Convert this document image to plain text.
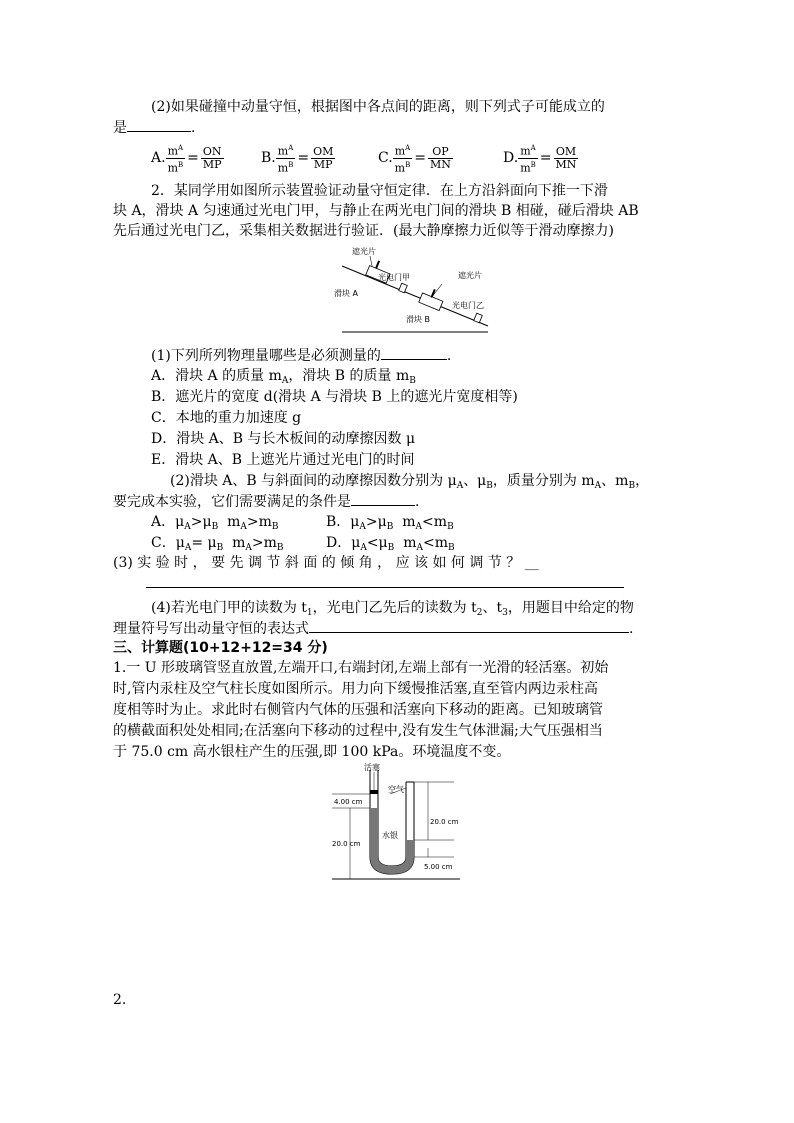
(2)如果碰撞中动量守恒，根据图中各点间的距离，则下列式子可能成立的
是	.
A. $\frac{m^A}{m^B} = \frac{ON}{MP}$	B. $\frac{m^A}{m^B} = \frac{OM}{MP}$	C. $\frac{m^A}{m^B} = \frac{OP}{MN}$	D. $\frac{m^A}{m^B} = \frac{OM}{MN}$
2．某同学用如图所示装置验证动量守恒定律．在上方沿斜面向下推一下滑
块 A，滑块 A 匀速通过光电门甲，与静止在两光电门间的滑块 B 相碰，碰后滑块 AB
先后通过光电门乙，采集相关数据进行验证．(最大静摩擦力近似等于滑动摩擦力)
遮光片
光电门甲	遮光片
滑块 A
光电门乙
滑块 B
(1)下列所列物理量哪些是必须测量的	.
A．滑块 A 的质量 $m_A$，滑块 B 的质量 $m_B$
B．遮光片的宽度 d(滑块 A 与滑块 B 上的遮光片宽度相等)
C．本地的重力加速度 g
D．滑块 A、B 与长木板间的动摩擦因数 μ
E．滑块 A、B 上遮光片通过光电门的时间
(2)滑块 A、B 与斜面间的动摩擦因数分别为 $\mu_A$、$\mu_B$，质量分别为 $m_A$、$m_B$，
要完成本实验，它们需要满足的条件是	.
A．$\mu_A>\mu_B$  $m_A>m_B$	B．$\mu_A>\mu_B$  $m_A<m_B$
C．$\mu_A= \mu_B$  $m_A>m_B$	D．$\mu_A<\mu_B$  $m_A<m_B$
(3) 实 验 时 ， 要 先 调 节 斜 面 的 倾 角 ， 应 该 如 何 调 节 ？ __
(4)若光电门甲的读数为 $t_1$，光电门乙先后的读数为 $t_2$、$t_3$，用题目中给定的物
理量符号写出动量守恒的表达式	.
三、计算题(10+12+12=34 分)
1.一 U 形玻璃管竖直放置,左端开口,右端封闭,左端上部有一光滑的轻活塞。初始
时,管内汞柱及空气柱长度如图所示。用力向下缓慢推活塞,直至管内两边汞柱高
度相等时为止。求此时右侧管内气体的压强和活塞向下移动的距离。已知玻璃管
的横截面积处处相同;在活塞向下移动的过程中,没有发生气体泄漏;大气压强相当
于 75.0 cm 高水银柱产生的压强,即 100 kPa。环境温度不变。
活塞
空气
水银
4.00 cm
20.0 cm
20.0 cm
5.00 cm
2.
